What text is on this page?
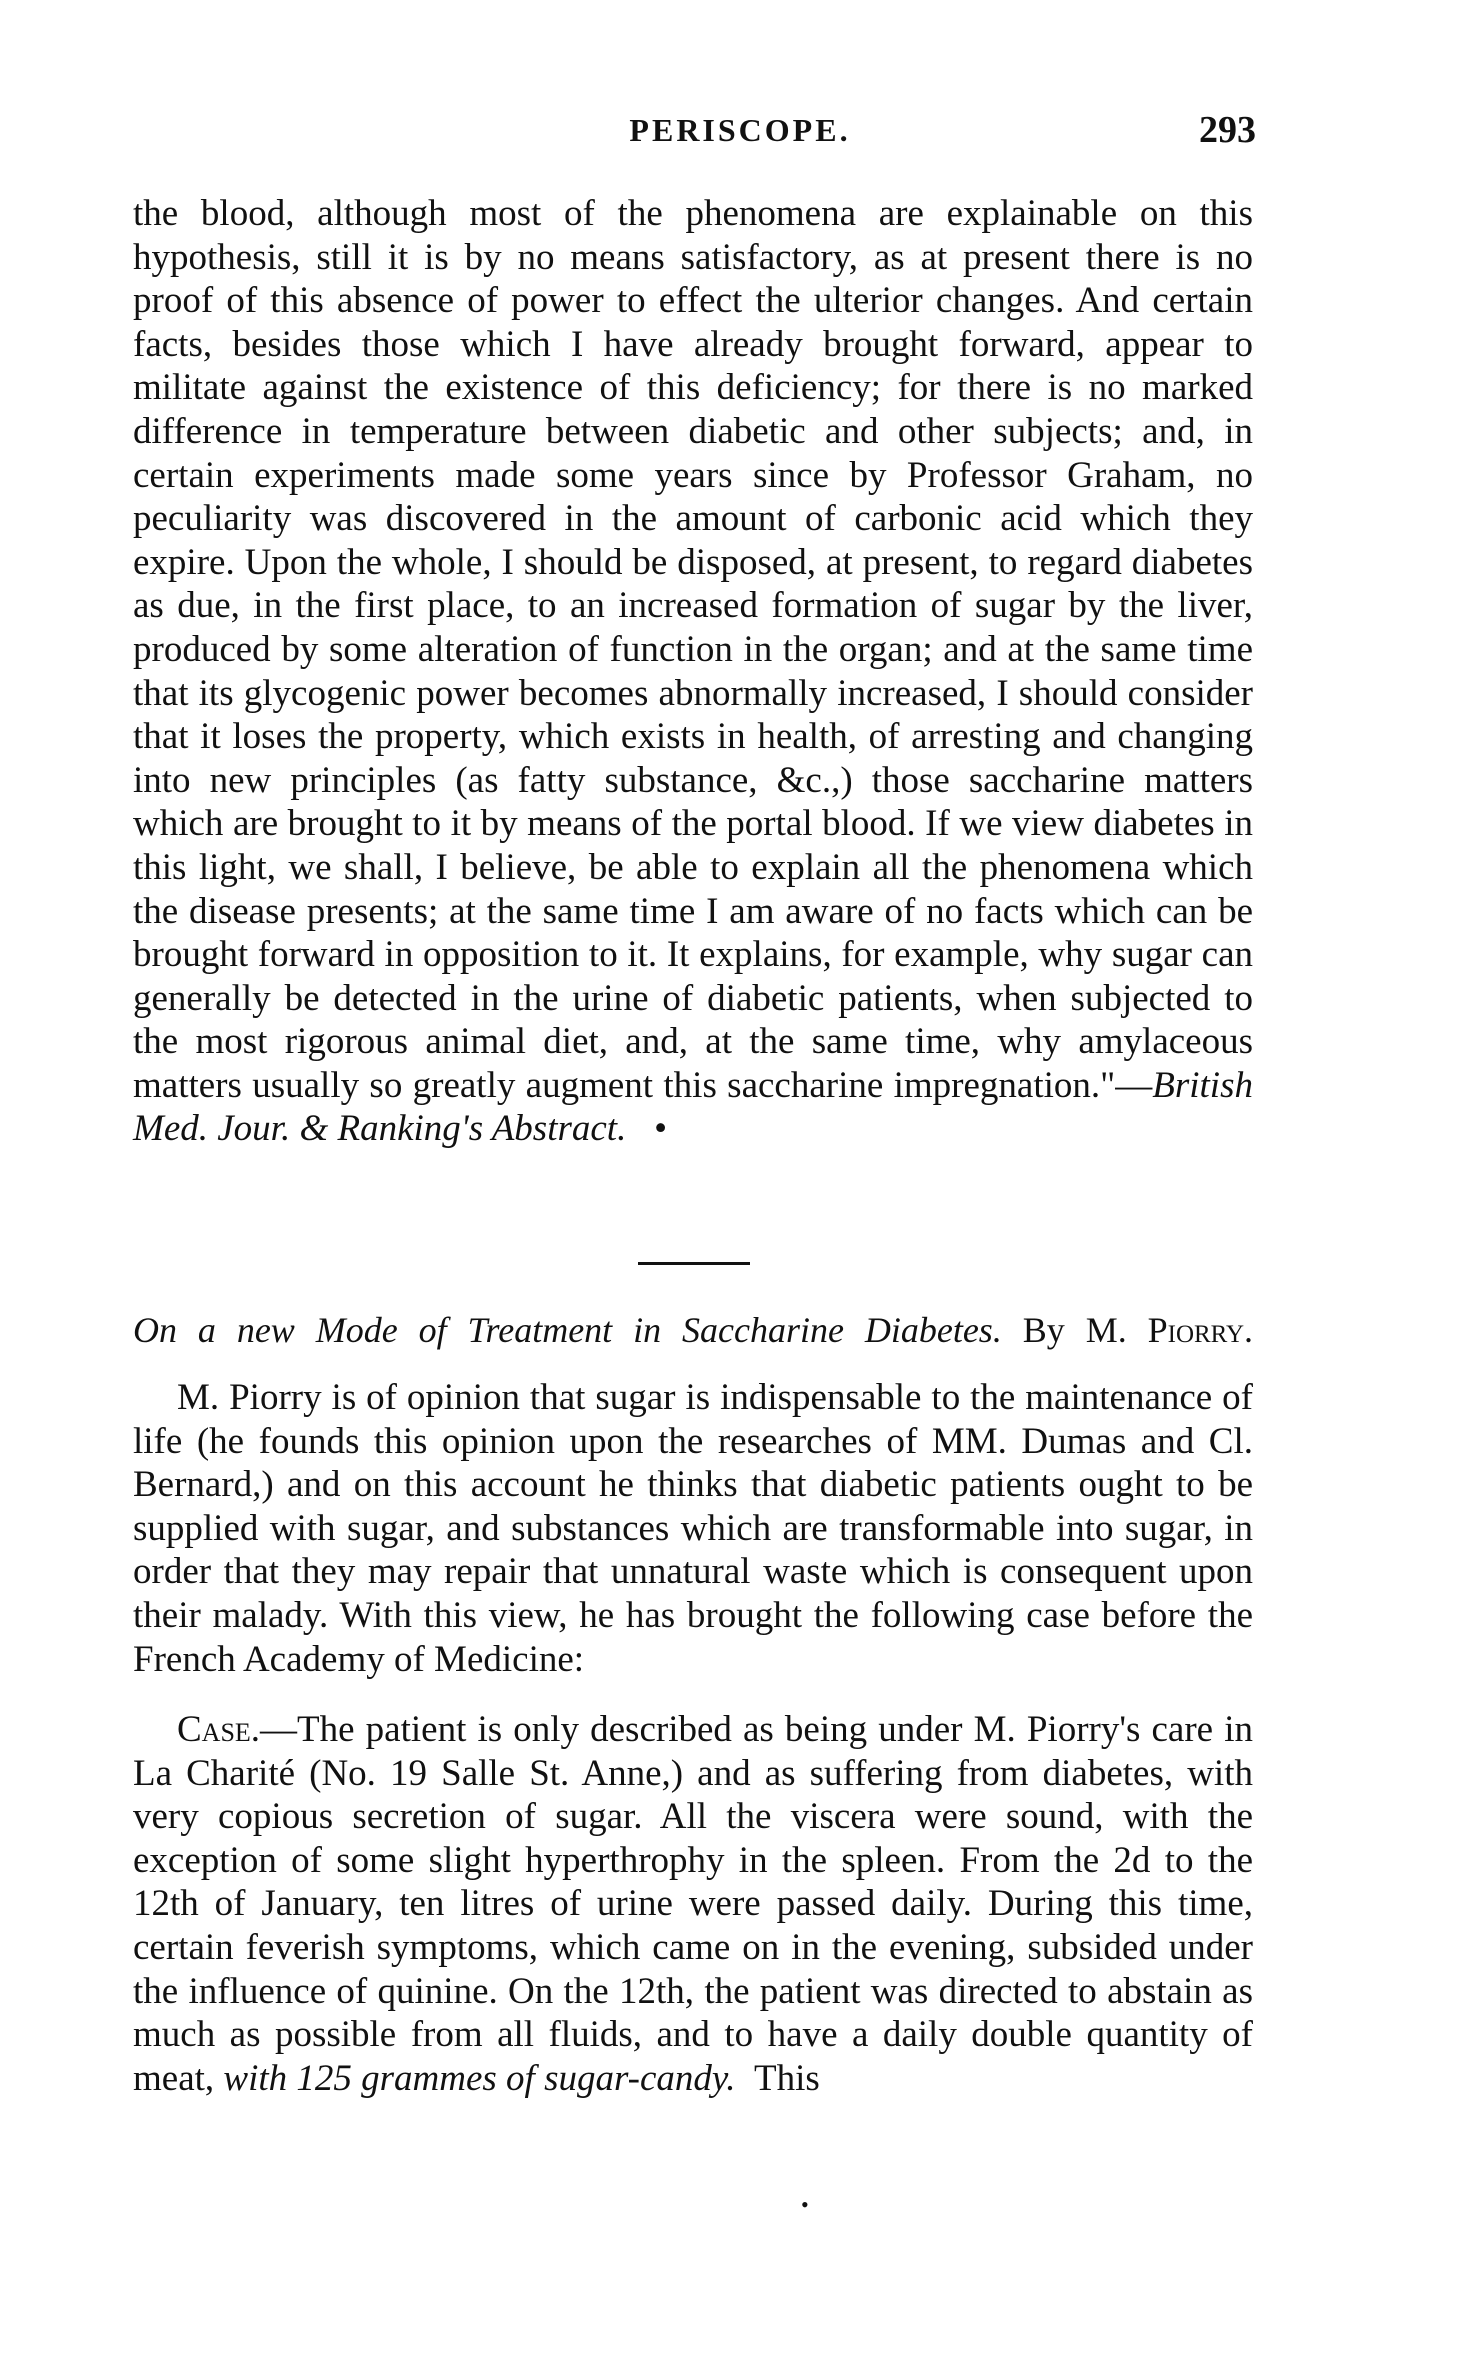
PERISCOPE.	293

the blood, although most of the phenomena are explainable on this hypothesis, still it is by no means satisfactory, as at present there is no proof of this absence of power to effect the ulterior changes. And certain facts, besides those which I have already brought forward, appear to militate against the existence of this deficiency; for there is no marked difference in temperature between diabetic and other subjects; and, in certain experiments made some years since by Professor Graham, no peculiarity was discovered in the amount of carbonic acid which they expire. Upon the whole, I should be disposed, at present, to regard diabetes as due, in the first place, to an increased formation of sugar by the liver, produced by some alteration of function in the organ; and at the same time that its glycogenic power becomes abnormally increased, I should consider that it loses the property, which exists in health, of arresting and changing into new principles (as fatty substance, &c.,) those saccharine matters which are brought to it by means of the portal blood. If we view diabetes in this light, we shall, I believe, be able to explain all the phenomena which the disease presents; at the same time I am aware of no facts which can be brought forward in opposition to it. It explains, for example, why sugar can generally be detected in the urine of diabetic patients, when subjected to the most rigorous animal diet, and, at the same time, why amylaceous matters usually so greatly augment this saccharine impregnation."—British Med. Jour. & Ranking's Abstract. •

On a new Mode of Treatment in Saccharine Diabetes. By M. Piorry.

M. Piorry is of opinion that sugar is indispensable to the maintenance of life (he founds this opinion upon the researches of MM. Dumas and Cl. Bernard,) and on this account he thinks that diabetic patients ought to be supplied with sugar, and substances which are transformable into sugar, in order that they may repair that unnatural waste which is consequent upon their malady. With this view, he has brought the following case before the French Academy of Medicine:

Case.—The patient is only described as being under M. Piorry's care in La Charité (No. 19 Salle St. Anne,) and as suffering from diabetes, with very copious secretion of sugar. All the viscera were sound, with the exception of some slight hyperthrophy in the spleen. From the 2d to the 12th of January, ten litres of urine were passed daily. During this time, certain feverish symptoms, which came on in the evening, subsided under the influence of quinine. On the 12th, the patient was directed to abstain as much as possible from all fluids, and to have a daily double quantity of meat, with 125 grammes of sugar-candy. This

•
